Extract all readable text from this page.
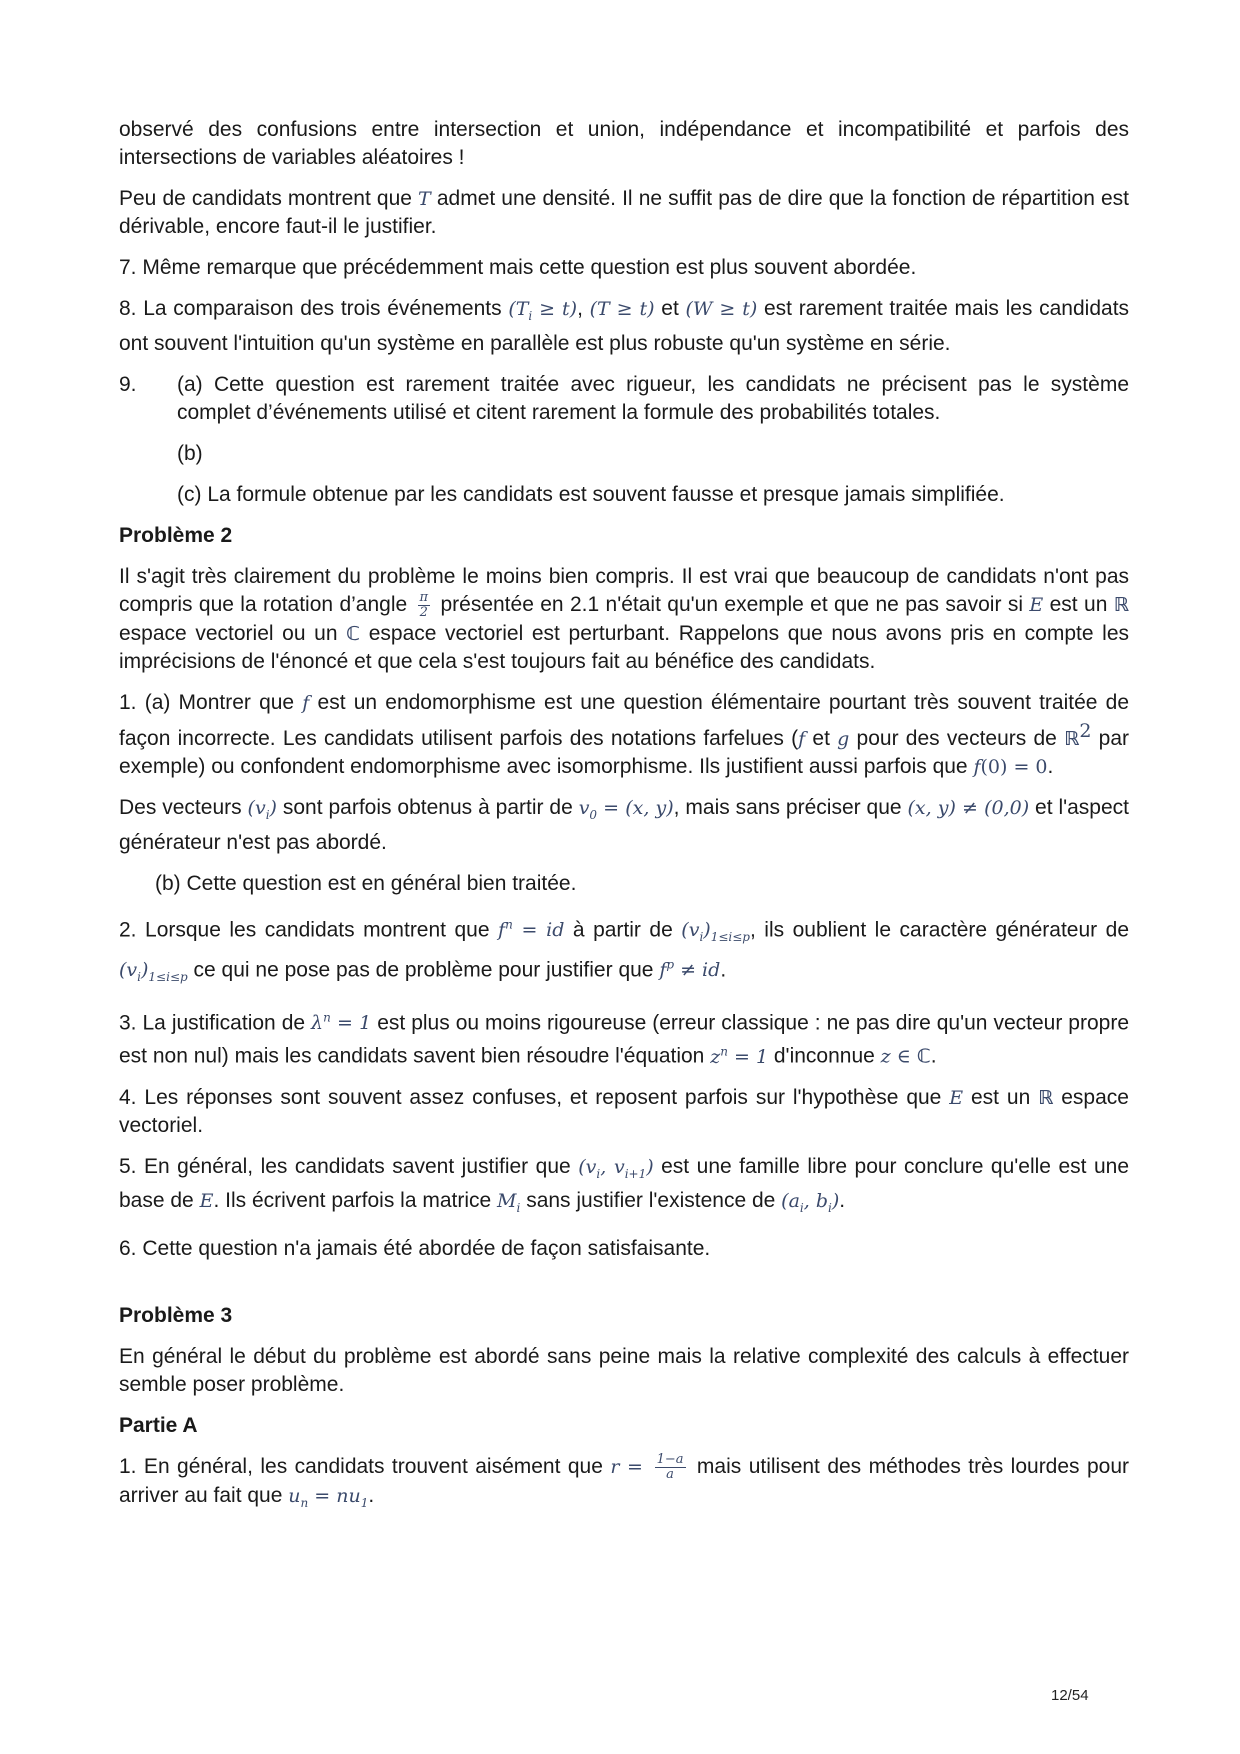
observé des confusions entre intersection et union, indépendance et incompatibilité et parfois des intersections de variables aléatoires !

Peu de candidats montrent que T admet une densité. Il ne suffit pas de dire que la fonction de répartition est dérivable, encore faut-il le justifier.

7. Même remarque que précédemment mais cette question est plus souvent abordée.

8. La comparaison des trois événements $(T_i \ge t)$, (T ≥ t) et (W ≥ t) est rarement traitée mais les candidats ont souvent l'intuition qu'un système en parallèle est plus robuste qu'un système en série.

9.	(a) Cette question est rarement traitée avec rigueur, les candidats ne précisent pas le système complet d’événements utilisé et citent rarement la formule des probabilités totales.
(b)
(c) La formule obtenue par les candidats est souvent fausse et presque jamais simplifiée.
Problème 2

Il s'agit très clairement du problème le moins bien compris. Il est vrai que beaucoup de candidats n'ont pas compris que la rotation d’angle $\frac{\pi}{2}$ présentée en 2.1 n'était qu'un exemple et que ne pas savoir si E est un ℝ espace vectoriel ou un ℂ espace vectoriel est perturbant. Rappelons que nous avons pris en compte les imprécisions de l'énoncé et que cela s'est toujours fait au bénéfice des candidats.

1. (a) Montrer que f est un endomorphisme est une question élémentaire pourtant très souvent traitée de façon incorrecte. Les candidats utilisent parfois des notations farfelues (f et g pour des vecteurs de ℝ$^2$ par exemple) ou confondent endomorphisme avec isomorphisme. Ils justifient aussi parfois que f(0) = 0.

Des vecteurs $(v_i)$ sont parfois obtenus à partir de $v_0 = (x$, y), mais sans préciser que (x, y) ≠ (0,0) et l'aspect générateur n'est pas abordé.

(b) Cette question est en général bien traitée.

2. Lorsque les candidats montrent que $f^n$ = id à partir de $(v_i)_{1\le i\le p}$, ils oublient le caractère générateur de $(v_i)_{1\le i\le p}$ ce qui ne pose pas de problème pour justifier que $f^p$ ≠ id.

3. La justification de $\lambda^n = 1$ est plus ou moins rigoureuse (erreur classique : ne pas dire qu'un vecteur propre est non nul) mais les candidats savent bien résoudre l'équation $z^n = 1$ d'inconnue z ∈ ℂ.

4. Les réponses sont souvent assez confuses, et reposent parfois sur l'hypothèse que E est un ℝ espace vectoriel.

5. En général, les candidats savent justifier que ($v_i$, $v_{i+1}$) est une famille libre pour conclure qu'elle est une base de E. Ils écrivent parfois la matrice $M_i$ sans justifier l'existence de ($a_i$, $b_i$).

6. Cette question n'a jamais été abordée de façon satisfaisante.

Problème 3

En général le début du problème est abordé sans peine mais la relative complexité des calculs à effectuer semble poser problème.

Partie A

1. En général, les candidats trouvent aisément que $r = \frac{1-a}{a}$ mais utilisent des méthodes très lourdes pour arriver au fait que $u_n = nu_1$.

12/54
